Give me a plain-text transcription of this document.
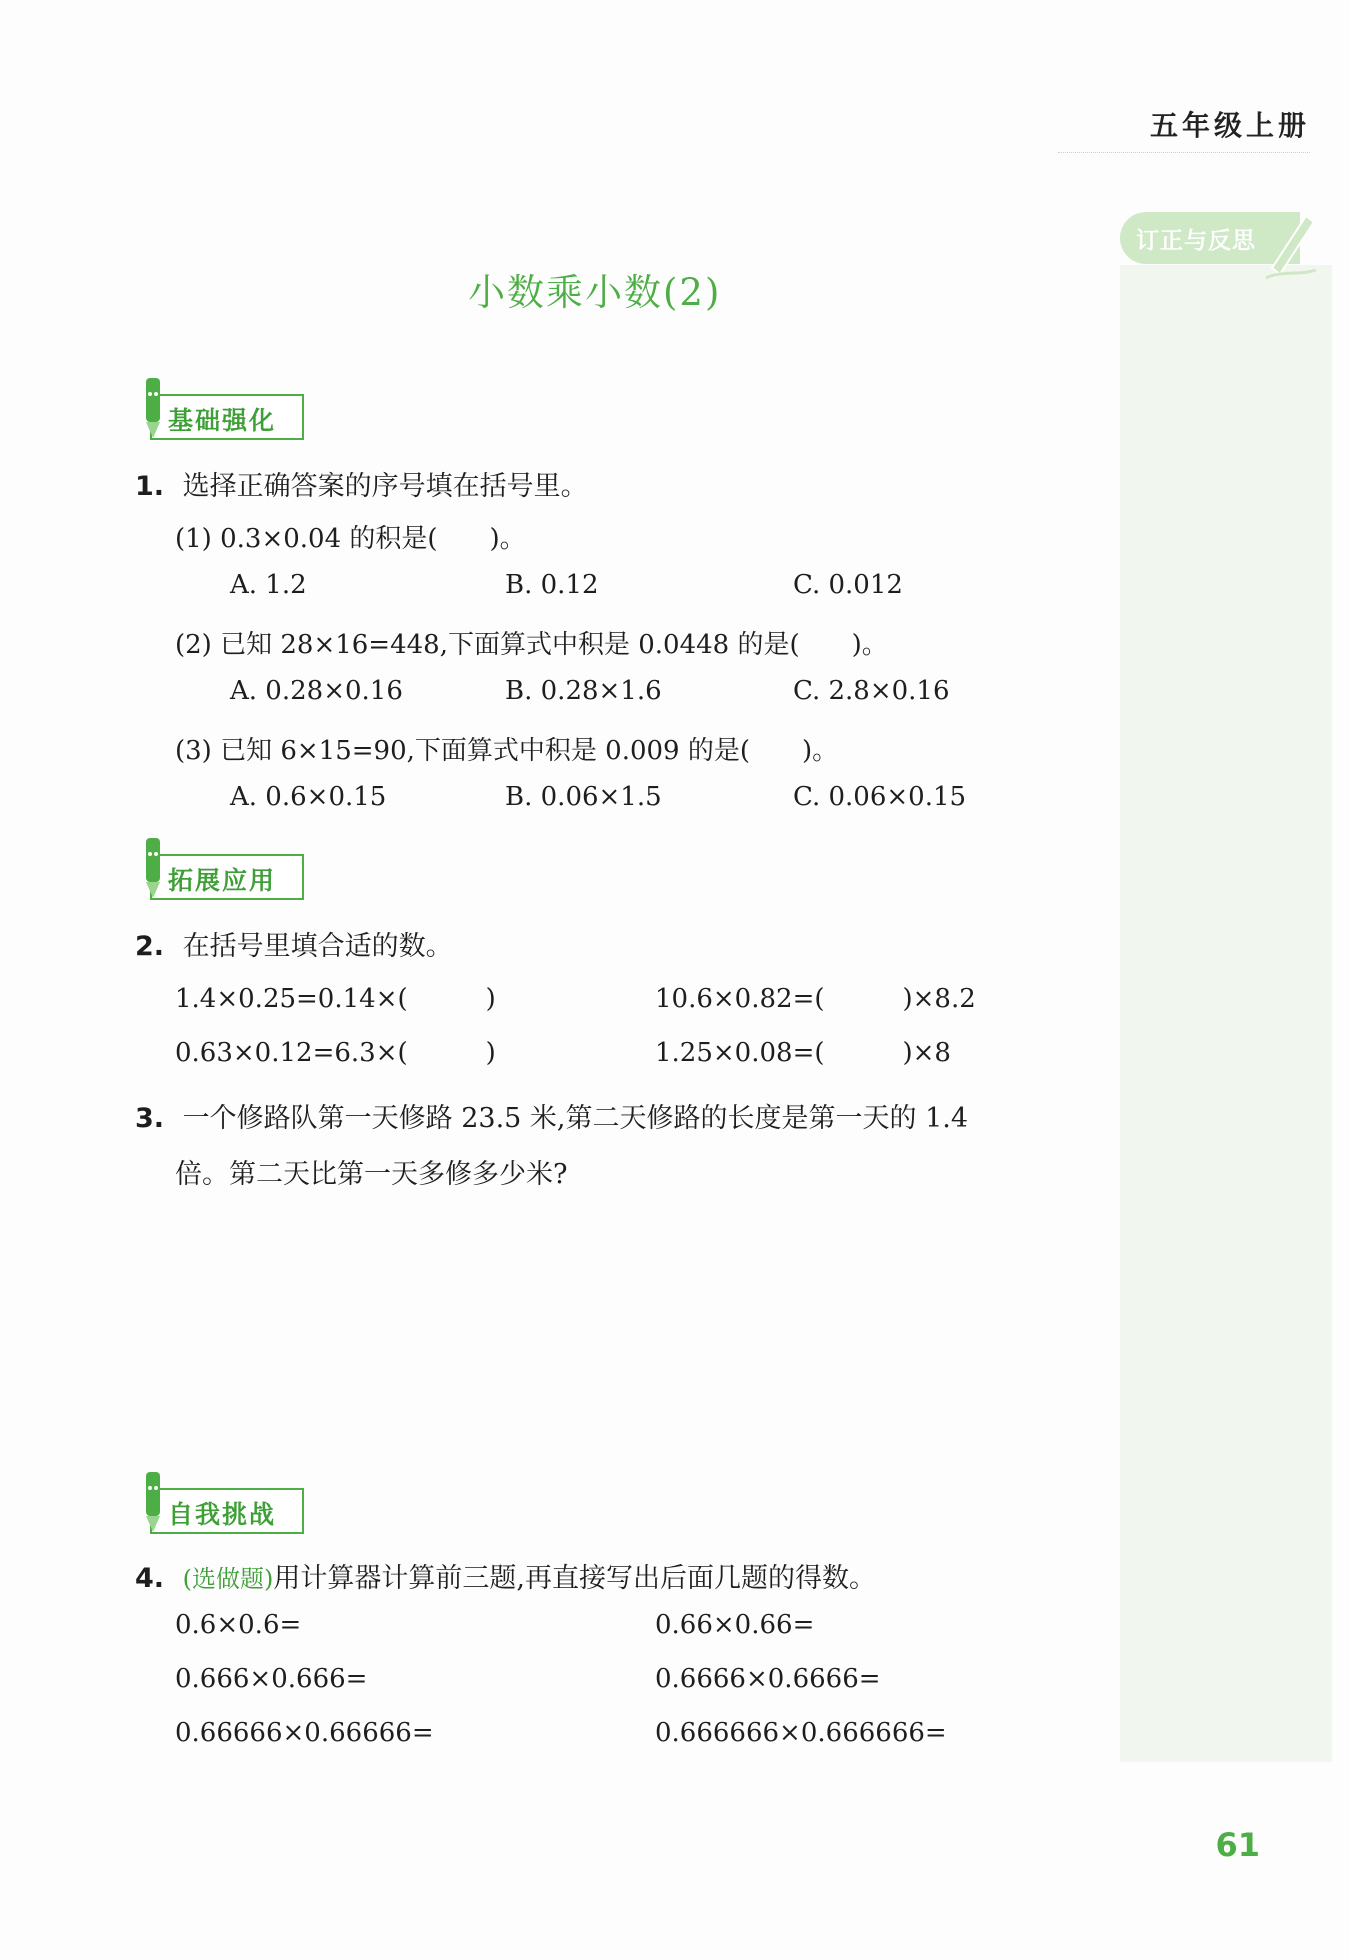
订正与反思
五年级上册
小数乘小数(2)
基础强化
1. 选择正确答案的序号填在括号里。
(1) 0.3×0.04 的积是(　　)。
A. 1.2	B. 0.12	C. 0.012
(2) 已知 28×16=448,下面算式中积是 0.0448 的是(　　)。
A. 0.28×0.16	B. 0.28×1.6	C. 2.8×0.16
(3) 已知 6×15=90,下面算式中积是 0.009 的是(　　)。
A. 0.6×0.15	B. 0.06×1.5	C. 0.06×0.15
拓展应用
2. 在括号里填合适的数。
1.4×0.25=0.14×(　　　)	10.6×0.82=(　　　)×8.2
0.63×0.12=6.3×(　　　)	1.25×0.08=(　　　)×8
3. 一个修路队第一天修路 23.5 米,第二天修路的长度是第一天的 1.4
倍。第二天比第一天多修多少米?
自我挑战
4. (选做题)用计算器计算前三题,再直接写出后面几题的得数。
0.6×0.6=	0.66×0.66=
0.666×0.666=	0.6666×0.6666=
0.66666×0.66666=	0.666666×0.666666=
61
